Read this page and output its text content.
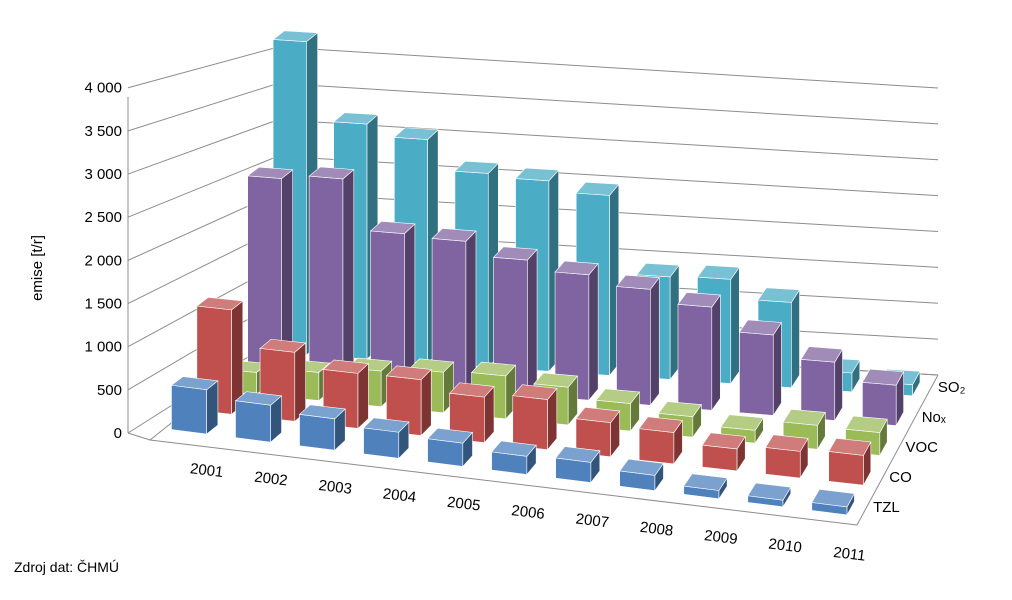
0
500
1 000
1 500
2 000
2 500
3 000
3 500
4 000
2001 2002 2003 2004 2005 2006 2007 2008 2009 2010 2011
TZL
CO
VOC
Noₓ
SO₂
emise [t/r]
Zdroj dat: ČHMÚ
